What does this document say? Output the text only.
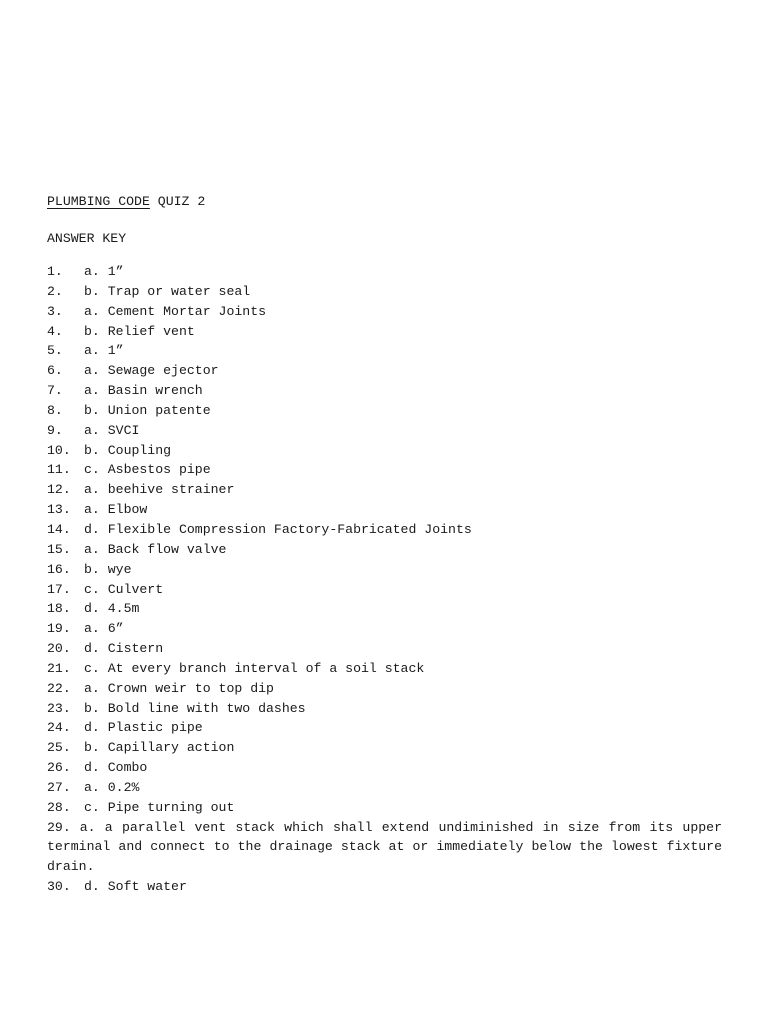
PLUMBING CODE QUIZ 2
ANSWER KEY
1.	a. 1”
2.	b. Trap or water seal
3.	a. Cement Mortar Joints
4.	b. Relief vent
5.	a. 1”
6.	a. Sewage ejector
7.	a. Basin wrench
8.	b. Union patente
9.	a. SVCI
10.	b. Coupling
11.	c. Asbestos pipe
12.	a. beehive strainer
13.	a. Elbow
14.	d. Flexible Compression Factory-Fabricated Joints
15.	a. Back flow valve
16.	b. wye
17.	c. Culvert
18.	d. 4.5m
19.	a. 6”
20.	d. Cistern
21.	c. At every branch interval of a soil stack
22.	a. Crown weir to top dip
23.	b. Bold line with two dashes
24.	d. Plastic pipe
25.	b. Capillary action
26.	d. Combo
27.	a. 0.2%
28.	c. Pipe turning out
29. a. a parallel vent stack which shall extend undiminished in size from its upper terminal and connect to the drainage stack at or immediately below the lowest fixture drain.
30.	d. Soft water
